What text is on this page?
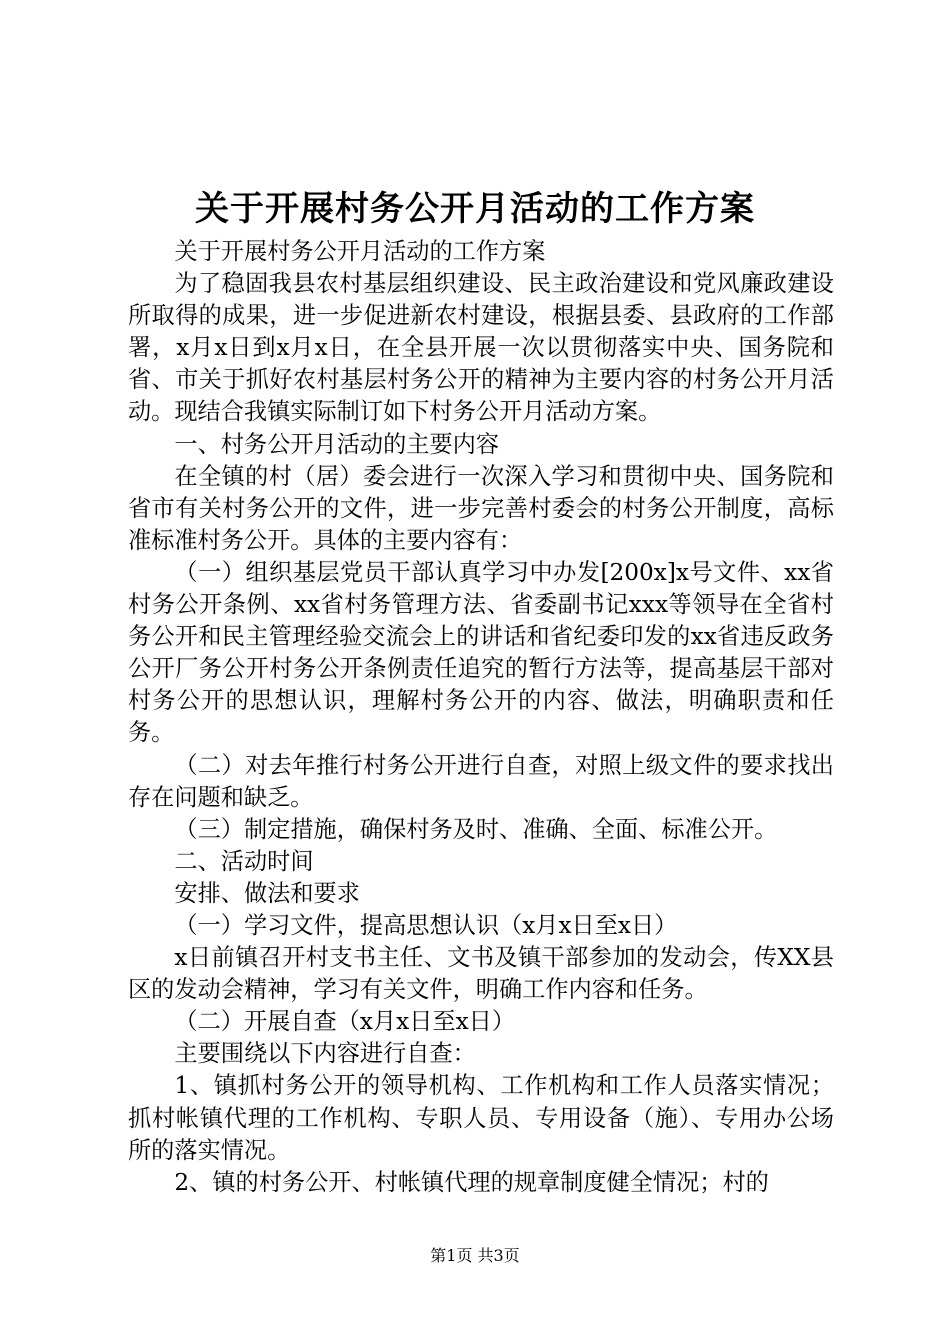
关于开展村务公开月活动的工作方案

关于开展村务公开月活动的工作方案

为了稳固我县农村基层组织建设、民主政治建设和党风廉政建设所取得的成果，进一步促进新农村建设，根据县委、县政府的工作部署，x月x日到x月x日，在全县开展一次以贯彻落实中央、国务院和省、市关于抓好农村基层村务公开的精神为主要内容的村务公开月活动。现结合我镇实际制订如下村务公开月活动方案。

一、村务公开月活动的主要内容

在全镇的村（居）委会进行一次深入学习和贯彻中央、国务院和省市有关村务公开的文件，进一步完善村委会的村务公开制度，高标准标准村务公开。具体的主要内容有：

（一）组织基层党员干部认真学习中办发[200x]x号文件、xx省村务公开条例、xx省村务管理方法、省委副书记xxx等领导在全省村务公开和民主管理经验交流会上的讲话和省纪委印发的xx省违反政务公开厂务公开村务公开条例责任追究的暂行方法等，提高基层干部对村务公开的思想认识，理解村务公开的内容、做法，明确职责和任务。

（二）对去年推行村务公开进行自查，对照上级文件的要求找出存在问题和缺乏。

（三）制定措施，确保村务及时、准确、全面、标准公开。

二、活动时间

安排、做法和要求

（一）学习文件，提高思想认识（x月x日至x日）

x日前镇召开村支书主任、文书及镇干部参加的发动会，传XX县区的发动会精神，学习有关文件，明确工作内容和任务。

（二）开展自查（x月x日至x日）

主要围绕以下内容进行自查：

1、镇抓村务公开的领导机构、工作机构和工作人员落实情况；抓村帐镇代理的工作机构、专职人员、专用设备（施）、专用办公场所的落实情况。

2、镇的村务公开、村帐镇代理的规章制度健全情况；村的

第1页 共3页
